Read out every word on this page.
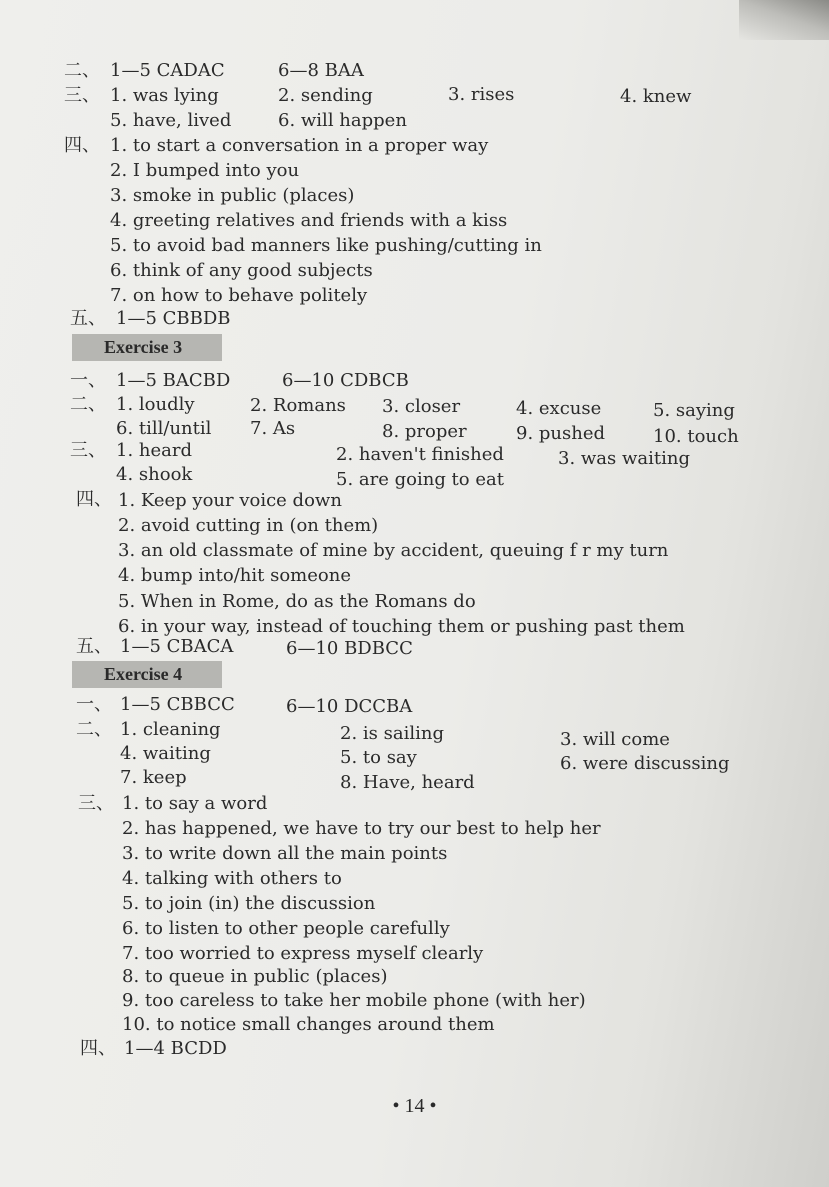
二、 1—5 CADAC	6—8 BAA
三、 1. was lying	2. sending	3. rises	4. knew
5. have, lived	6. will happen
四、 1. to start a conversation in a proper way
2. I bumped into you
3. smoke in public (places)
4. greeting relatives and friends with a kiss
5. to avoid bad manners like pushing/cutting in
6. think of any good subjects
7. on how to behave politely
五、 1—5 CBBDB
Exercise 3
一、 1—5 BACBD	6—10 CDBCB
二、 1. loudly	2. Romans 3. closer	4. excuse	5. saying
6. till/until 7. As	8. proper	9. pushed	10. touch
三、 1. heard	2. haven't finished	3. was waiting
4. shook	5. are going to eat
四、 1. Keep your voice down
2. avoid cutting in (on them)
3. an old classmate of mine by accident, queuing f r my turn
4. bump into/hit someone
5. When in Rome, do as the Romans do
6. in your way, instead of touching them or pushing past them
五、 1—5 CBACA	6—10 BDBCC
Exercise 4
一、 1—5 CBBCC	6—10 DCCBA
二、 1. cleaning	2. is sailing	3. will come
4. waiting	5. to say	6. were discussing
7. keep	8. Have, heard
三、 1. to say a word
2. has happened, we have to try our best to help her
3. to write down all the main points
4. talking with others to
5. to join (in) the discussion
6. to listen to other people carefully
7. too worried to express myself clearly
8. to queue in public (places)
9. too careless to take her mobile phone (with her)
10. to notice small changes around them
四、 1—4 BCDD
• 14 •
